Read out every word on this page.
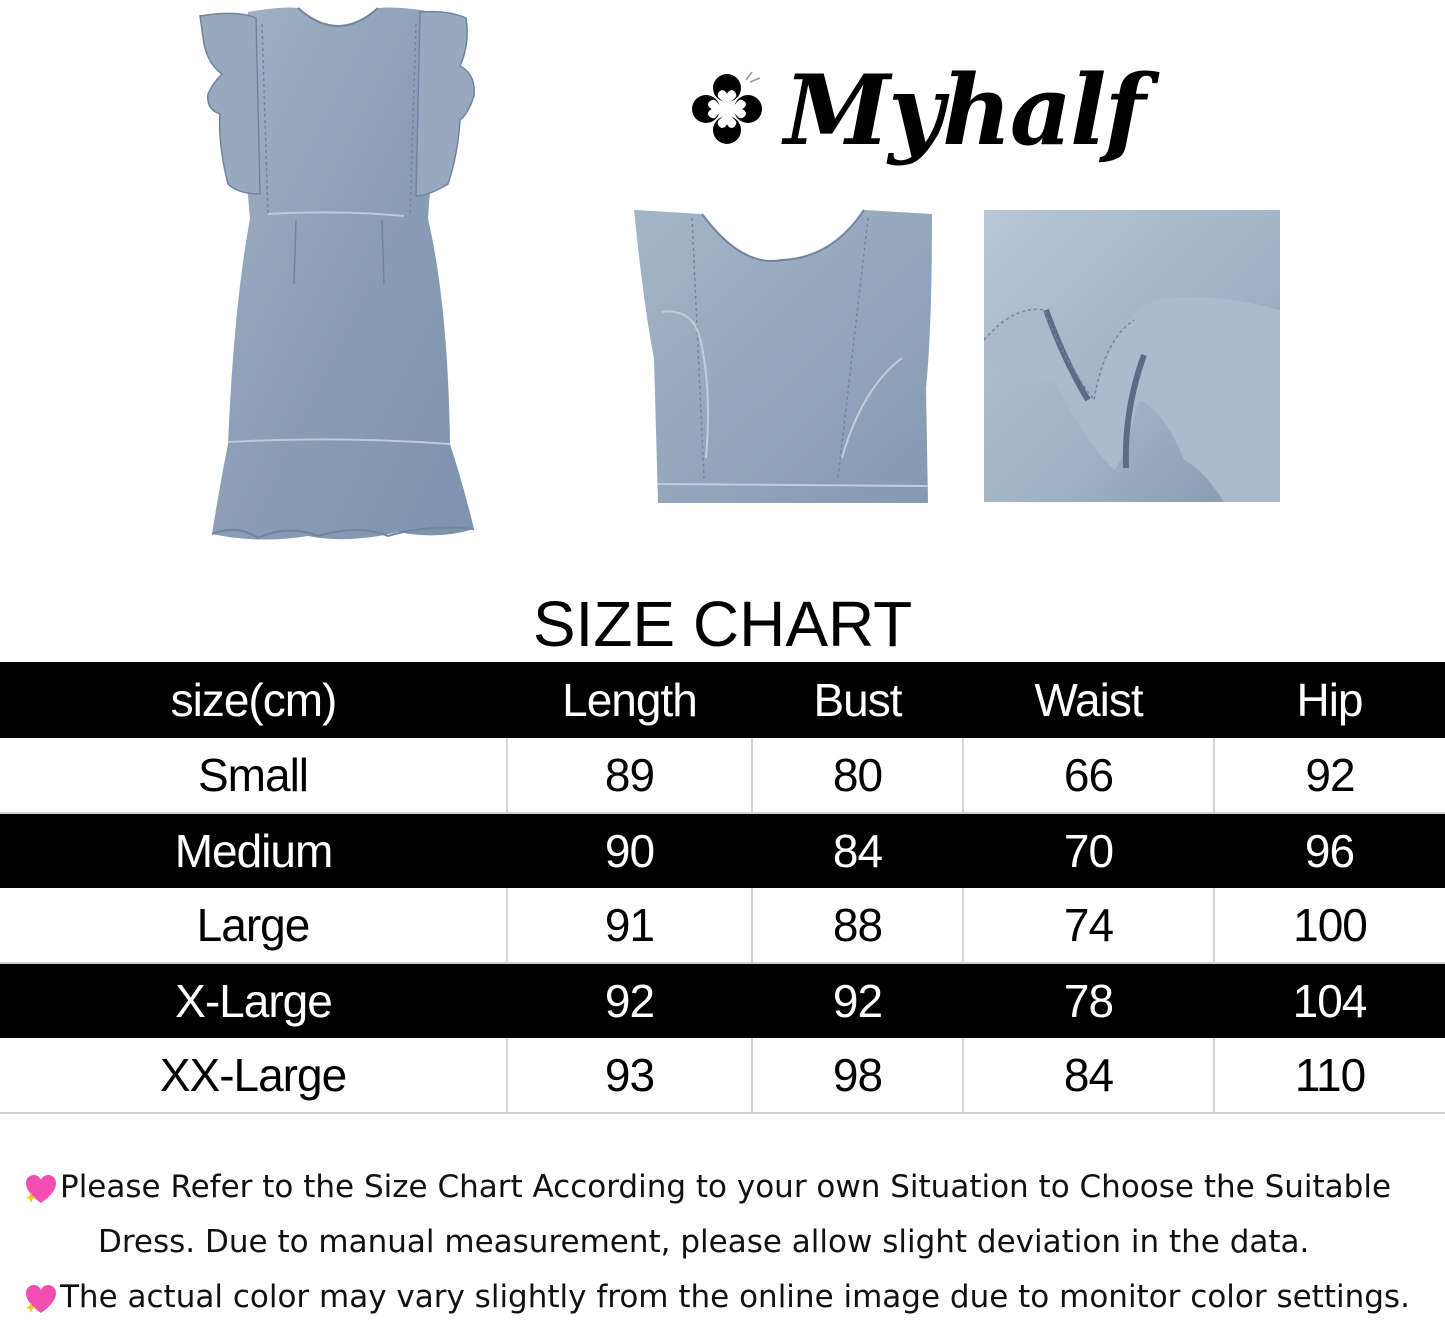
Myhalf
SIZE CHART
size(cm)	Length	Bust	Waist	Hip
Small	89	80	66	92
Medium	90	84	70	96
Large	91	88	74	100
X-Large	92	92	78	104
XX-Large	93	98	84	110
Please Refer to the Size Chart According to your own Situation to Choose the Suitable
Dress. Due to manual measurement, please allow slight deviation in the data.
The actual color may vary slightly from the online image due to monitor color settings.
